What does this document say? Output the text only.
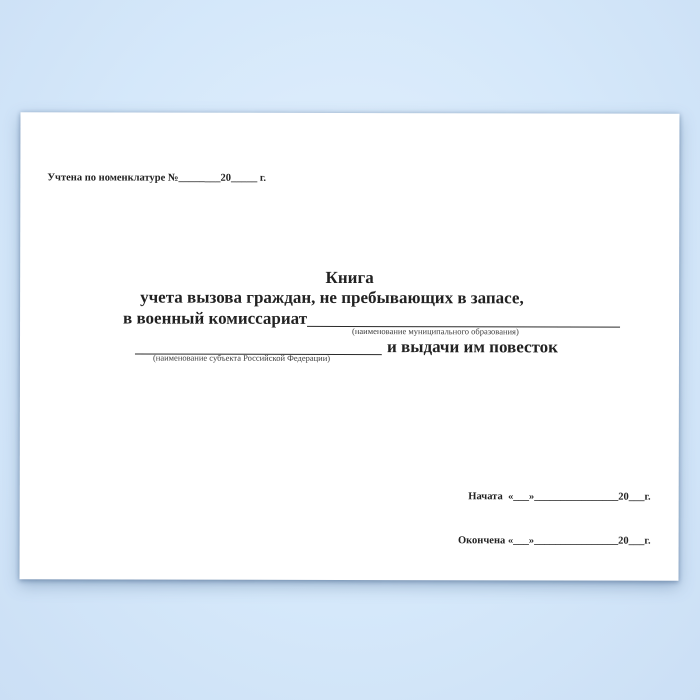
Учтена по номенклатуре №________20_____ г.
Книга
учета вызова граждан, не пребывающих в запасе,
в военный комиссариат
(наименование муниципального образования)
и выдачи им повесток
(наименование субъекта Российской Федерации)

Начата  «___»________________20___г.

Окончена «___»________________20___г.
